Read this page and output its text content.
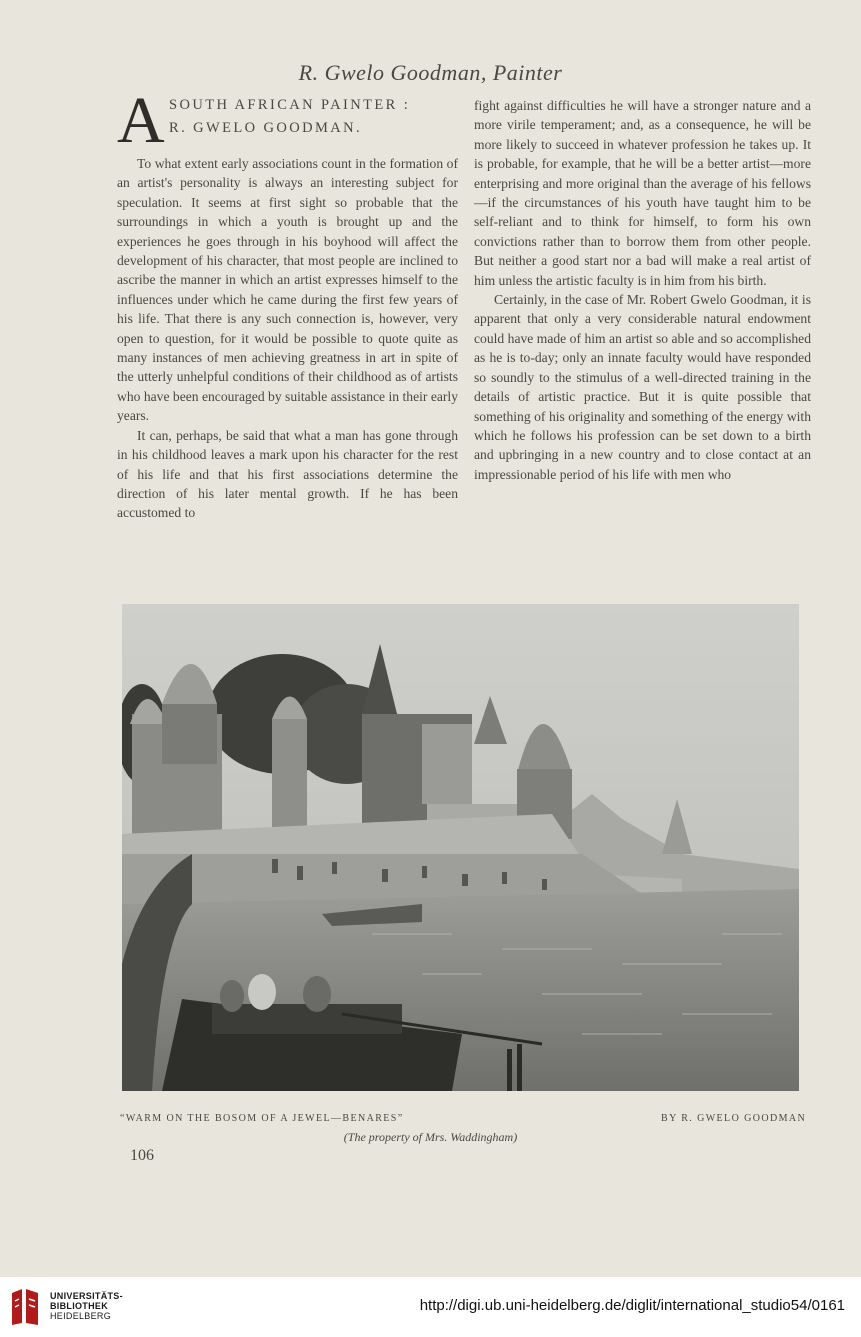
R. Gwelo Goodman, Painter
A SOUTH AFRICAN PAINTER :
R. GWELO GOODMAN.

To what extent early associations count in the formation of an artist's personality is always an interesting subject for speculation. It seems at first sight so probable that the surroundings in which a youth is brought up and the experiences he goes through in his boyhood will affect the development of his character, that most people are inclined to ascribe the manner in which an artist expresses himself to the influences under which he came during the first few years of his life. That there is any such connection is, however, very open to question, for it would be possible to quote quite as many instances of men achieving greatness in art in spite of the utterly unhelpful conditions of their childhood as of artists who have been encouraged by suitable assistance in their early years.

It can, perhaps, be said that what a man has gone through in his childhood leaves a mark upon his character for the rest of his life and that his first associations determine the direction of his later mental growth. If he has been accustomed to

fight against difficulties he will have a stronger nature and a more virile temperament; and, as a consequence, he will be more likely to succeed in whatever profession he takes up. It is probable, for example, that he will be a better artist—more enterprising and more original than the average of his fellows—if the circumstances of his youth have taught him to be self-reliant and to think for himself, to form his own convictions rather than to borrow them from other people. But neither a good start nor a bad will make a real artist of him unless the artistic faculty is in him from his birth.

Certainly, in the case of Mr. Robert Gwelo Goodman, it is apparent that only a very considerable natural endowment could have made of him an artist so able and so accomplished as he is to-day; only an innate faculty would have responded so soundly to the stimulus of a well-directed training in the details of artistic practice. But it is quite possible that something of his originality and something of the energy with which he follows his profession can be set down to a birth and upbringing in a new country and to close contact at an impressionable period of his life with men who

“WARM ON THE BOSOM OF A JEWEL—BENARES”	BY R. GWELO GOODMAN
(The property of Mrs. Waddingham)
106
UNIVERSITÄTS-
BIBLIOTHEK
HEIDELBERG
http://digi.ub.uni-heidelberg.de/diglit/international_studio54/0161
